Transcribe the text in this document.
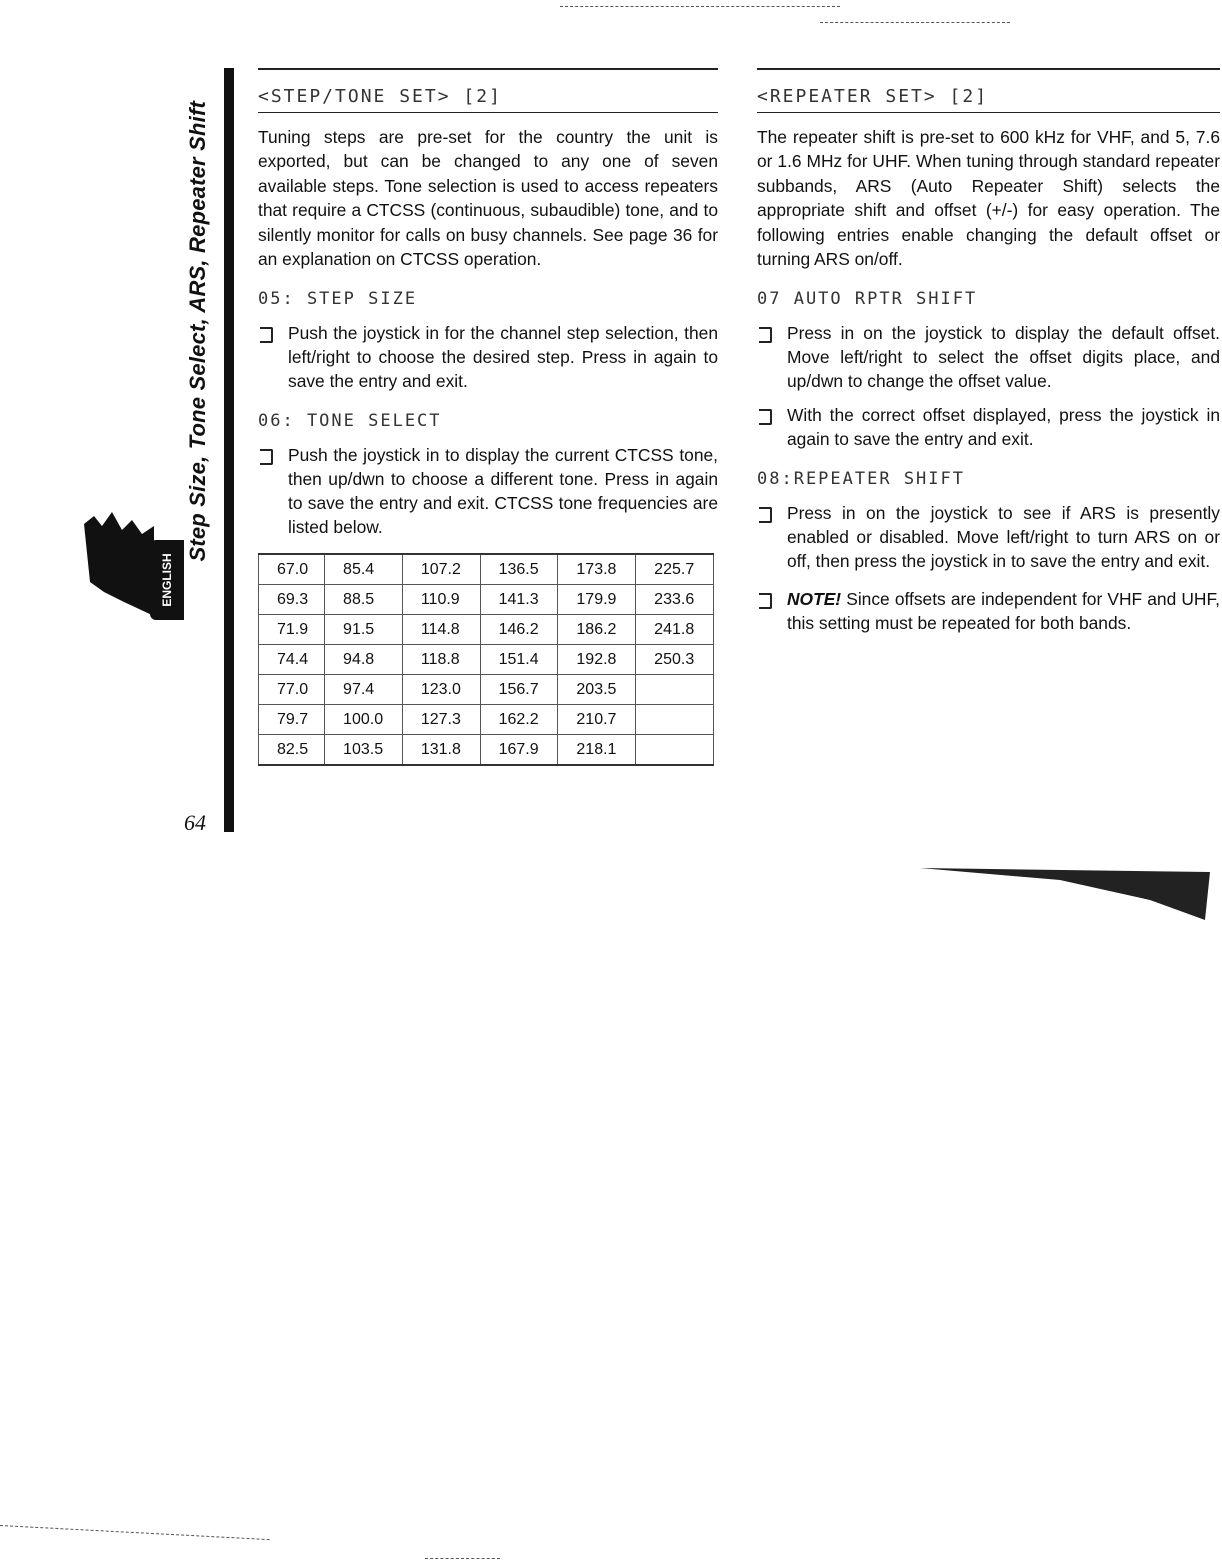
Step Size, Tone Select, ARS, Repeater Shift
ENGLISH
64
<STEP/TONE SET> [2]

Tuning steps are pre-set for the country the unit is exported, but can be changed to any one of seven available steps. Tone selection is used to access repeaters that require a CTCSS (continuous, subaudible) tone, and to silently monitor for calls on busy channels. See page 36 for an explanation on CTCSS operation.

05: STEP SIZE
Push the joystick in for the channel step selection, then left/right to choose the desired step. Press in again to save the entry and exit.
06: TONE SELECT
Push the joystick in to display the current CTCSS tone, then up/dwn to choose a different tone. Press in again to save the entry and exit. CTCSS tone frequencies are listed below.
67.0	85.4	107.2	136.5	173.8	225.7
69.3	88.5	110.9	141.3	179.9	233.6
71.9	91.5	114.8	146.2	186.2	241.8
74.4	94.8	118.8	151.4	192.8	250.3
77.0	97.4	123.0	156.7	203.5	
79.7	100.0	127.3	162.2	210.7	
82.5	103.5	131.8	167.9	218.1	
<REPEATER SET> [2]

The repeater shift is pre-set to 600 kHz for VHF, and 5, 7.6 or 1.6 MHz for UHF. When tuning through standard repeater subbands, ARS (Auto Repeater Shift) selects the appropriate shift and offset (+/-) for easy operation. The following entries enable changing the default offset or turning ARS on/off.

07 AUTO RPTR SHIFT
Press in on the joystick to display the default offset. Move left/right to select the offset digits place, and up/dwn to change the offset value.
With the correct offset displayed, press the joystick in again to save the entry and exit.
08:REPEATER SHIFT
Press in on the joystick to see if ARS is presently enabled or disabled. Move left/right to turn ARS on or off, then press the joystick in to save the entry and exit.
NOTE! Since offsets are independent for VHF and UHF, this setting must be repeated for both bands.
